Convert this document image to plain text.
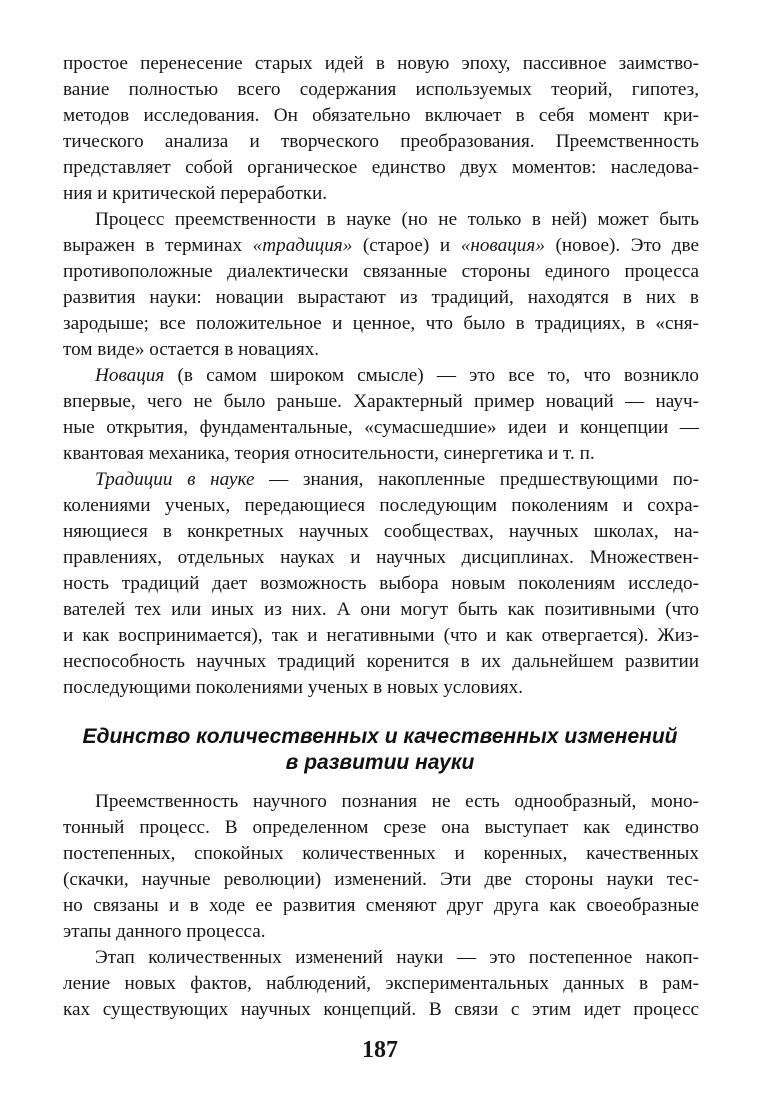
простое перенесение старых идей в новую эпоху, пассивное заимство-
вание полностью всего содержания используемых теорий, гипотез,
методов исследования. Он обязательно включает в себя момент кри-
тического анализа и творческого преобразования. Преемственность
представляет собой органическое единство двух моментов: наследова-
ния и критической переработки.
Процесс преемственности в науке (но не только в ней) может быть
выражен в терминах «традиция» (старое) и «новация» (новое). Это две
противоположные диалектически связанные стороны единого процесса
развития науки: новации вырастают из традиций, находятся в них в
зародыше; все положительное и ценное, что было в традициях, в «сня-
том виде» остается в новациях.
Новация (в самом широком смысле) — это все то, что возникло
впервые, чего не было раньше. Характерный пример новаций — науч-
ные открытия, фундаментальные, «сумасшедшие» идеи и концепции —
квантовая механика, теория относительности, синергетика и т. п.
Традиции в науке — знания, накопленные предшествующими по-
колениями ученых, передающиеся последующим поколениям и сохра-
няющиеся в конкретных научных сообществах, научных школах, на-
правлениях, отдельных науках и научных дисциплинах. Множествен-
ность традиций дает возможность выбора новым поколениям исследо-
вателей тех или иных из них. А они могут быть как позитивными (что
и как воспринимается), так и негативными (что и как отвергается). Жиз-
неспособность научных традиций коренится в их дальнейшем развитии
последующими поколениями ученых в новых условиях.
Единство количественных и качественных изменений
в развитии науки
Преемственность научного познания не есть однообразный, моно-
тонный процесс. В определенном срезе она выступает как единство
постепенных, спокойных количественных и коренных, качественных
(скачки, научные революции) изменений. Эти две стороны науки тес-
но связаны и в ходе ее развития сменяют друг друга как своеобразные
этапы данного процесса.
Этап количественных изменений науки — это постепенное накоп-
ление новых фактов, наблюдений, экспериментальных данных в рам-
ках существующих научных концепций. В связи с этим идет процесс
187
